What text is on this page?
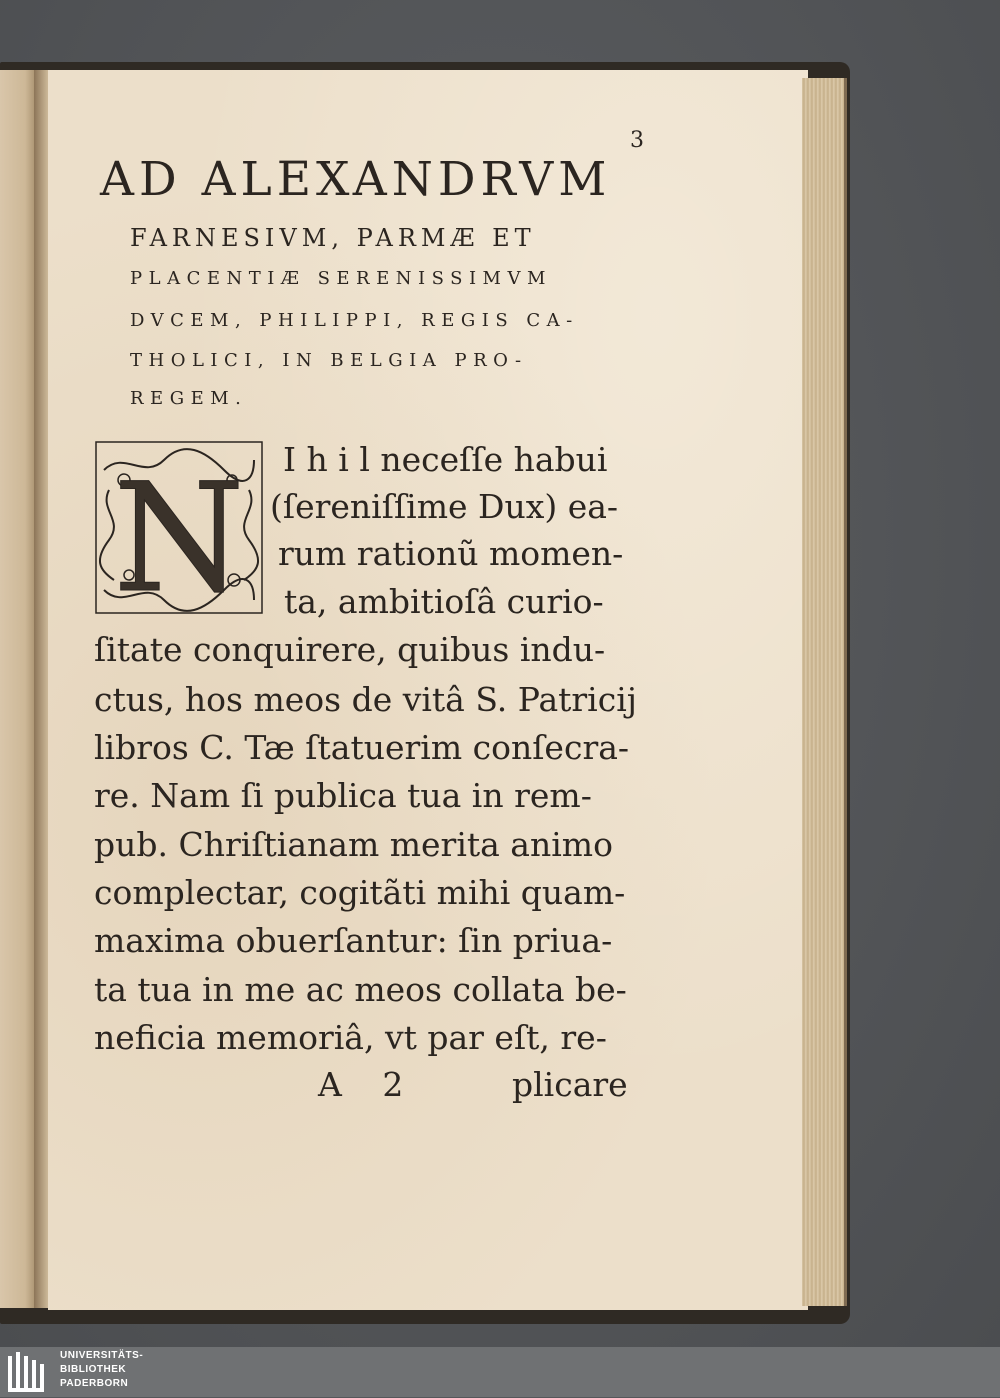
3
AD ALEXANDRVM
FARNESIVM, PARMÆ ET
PLACENTIÆ SERENISSIMVM
DVCEM, PHILIPPI, REGIS CA-
THOLICI, IN BELGIA PRO-
REGEM.
N I h i l neceſſe habui
(ſereniſſime Dux) ea-
rum rationũ momen-
ta, ambitioſâ curio-
ſitate conquirere, quibus indu-
ctus, hos meos de vitâ S. Patricij
libros C. Tæ ſtatuerim conſecra-
re. Nam ſi publica tua in rem-
pub. Chriſtianam merita animo
complectar, cogitãti mihi quam-
maxima obuerſantur: ſin priua-
ta tua in me ac meos collata be-
neficia memoriâ, vt par eſt, re-
A 2	plicare
UNIVERSITÄTS-
BIBLIOTHEK
PADERBORN
